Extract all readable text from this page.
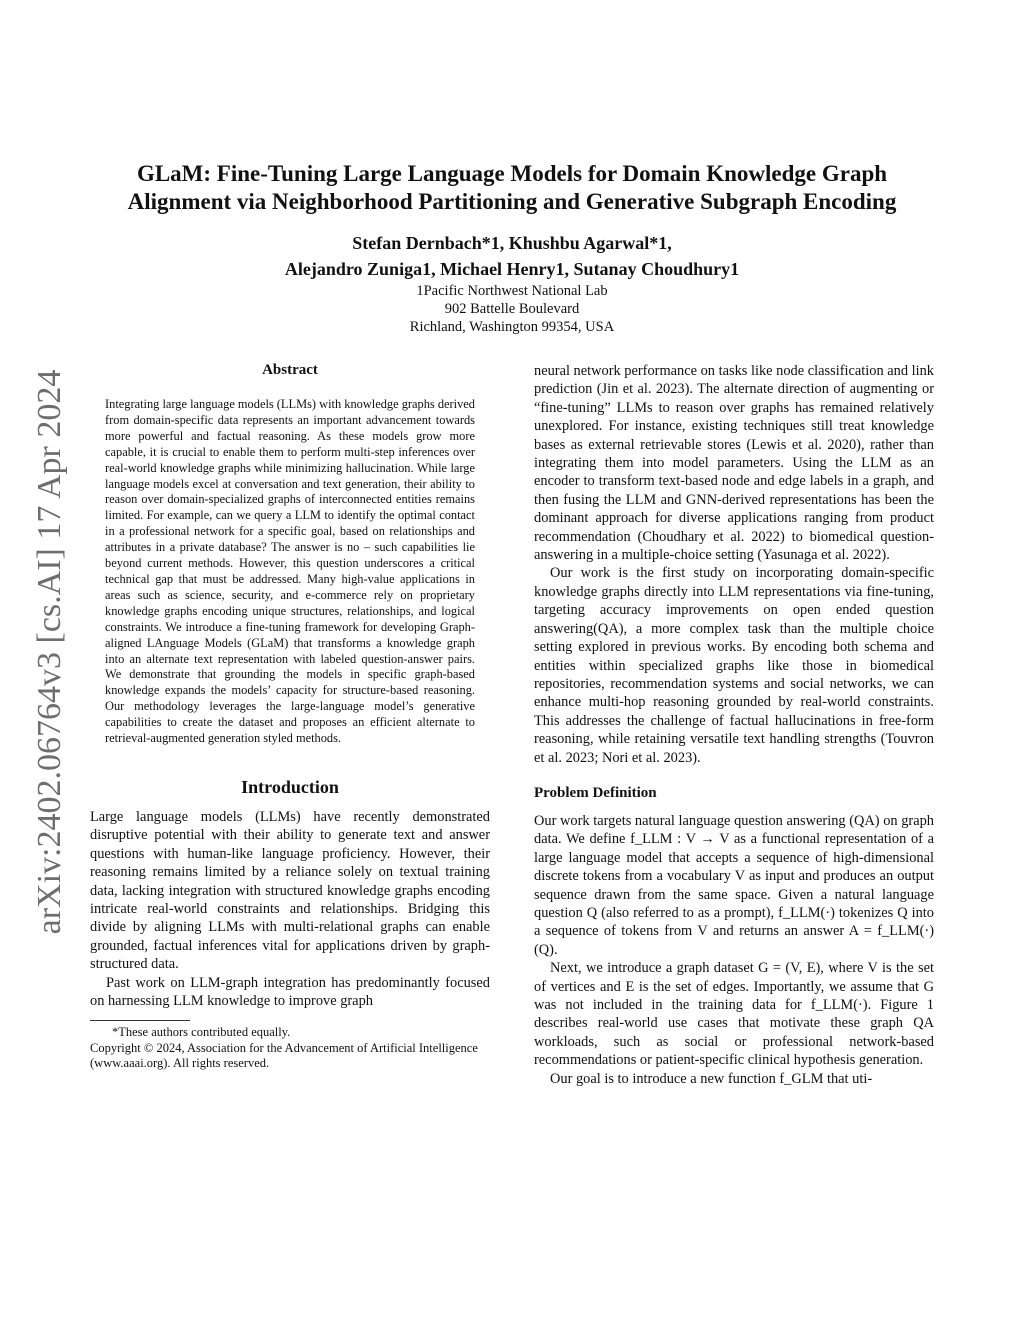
arXiv:2402.06764v3 [cs.AI] 17 Apr 2024
GLaM: Fine-Tuning Large Language Models for Domain Knowledge Graph
Alignment via Neighborhood Partitioning and Generative Subgraph Encoding
Stefan Dernbach*1, Khushbu Agarwal*1,
Alejandro Zuniga1, Michael Henry1, Sutanay Choudhury1
1Pacific Northwest National Lab
902 Battelle Boulevard
Richland, Washington 99354, USA
Abstract

Integrating large language models (LLMs) with knowledge graphs derived from domain-specific data represents an important advancement towards more powerful and factual reasoning. As these models grow more capable, it is crucial to enable them to perform multi-step inferences over real-world knowledge graphs while minimizing hallucination. While large language models excel at conversation and text generation, their ability to reason over domain-specialized graphs of interconnected entities remains limited. For example, can we query a LLM to identify the optimal contact in a professional network for a specific goal, based on relationships and attributes in a private database? The answer is no – such capabilities lie beyond current methods. However, this question underscores a critical technical gap that must be addressed. Many high-value applications in areas such as science, security, and e-commerce rely on proprietary knowledge graphs encoding unique structures, relationships, and logical constraints. We introduce a fine-tuning framework for developing Graph-aligned LAnguage Models (GLaM) that transforms a knowledge graph into an alternate text representation with labeled question-answer pairs. We demonstrate that grounding the models in specific graph-based knowledge expands the models’ capacity for structure-based reasoning. Our methodology leverages the large-language model’s generative capabilities to create the dataset and proposes an efficient alternate to retrieval-augmented generation styled methods.

Introduction

Large language models (LLMs) have recently demonstrated disruptive potential with their ability to generate text and answer questions with human-like language proficiency. However, their reasoning remains limited by a reliance solely on textual training data, lacking integration with structured knowledge graphs encoding intricate real-world constraints and relationships. Bridging this divide by aligning LLMs with multi-relational graphs can enable grounded, factual inferences vital for applications driven by graph-structured data.

Past work on LLM-graph integration has predominantly focused on harnessing LLM knowledge to improve graph

*These authors contributed equally.

Copyright © 2024, Association for the Advancement of Artificial Intelligence (www.aaai.org). All rights reserved.

neural network performance on tasks like node classification and link prediction (Jin et al. 2023). The alternate direction of augmenting or “fine-tuning” LLMs to reason over graphs has remained relatively unexplored. For instance, existing techniques still treat knowledge bases as external retrievable stores (Lewis et al. 2020), rather than integrating them into model parameters. Using the LLM as an encoder to transform text-based node and edge labels in a graph, and then fusing the LLM and GNN-derived representations has been the dominant approach for diverse applications ranging from product recommendation (Choudhary et al. 2022) to biomedical question-answering in a multiple-choice setting (Yasunaga et al. 2022).

Our work is the first study on incorporating domain-specific knowledge graphs directly into LLM representations via fine-tuning, targeting accuracy improvements on open ended question answering(QA), a more complex task than the multiple choice setting explored in previous works. By encoding both schema and entities within specialized graphs like those in biomedical repositories, recommendation systems and social networks, we can enhance multi-hop reasoning grounded by real-world constraints. This addresses the challenge of factual hallucinations in free-form reasoning, while retaining versatile text handling strengths (Touvron et al. 2023; Nori et al. 2023).

Problem Definition

Our work targets natural language question answering (QA) on graph data. We define f_LLM : V → V as a functional representation of a large language model that accepts a sequence of high-dimensional discrete tokens from a vocabulary V as input and produces an output sequence drawn from the same space. Given a natural language question Q (also referred to as a prompt), f_LLM(·) tokenizes Q into a sequence of tokens from V and returns an answer A = f_LLM(·)(Q).

Next, we introduce a graph dataset G = (V, E), where V is the set of vertices and E is the set of edges. Importantly, we assume that G was not included in the training data for f_LLM(·). Figure 1 describes real-world use cases that motivate these graph QA workloads, such as social or professional network-based recommendations or patient-specific clinical hypothesis generation.

Our goal is to introduce a new function f_GLM that uti-
